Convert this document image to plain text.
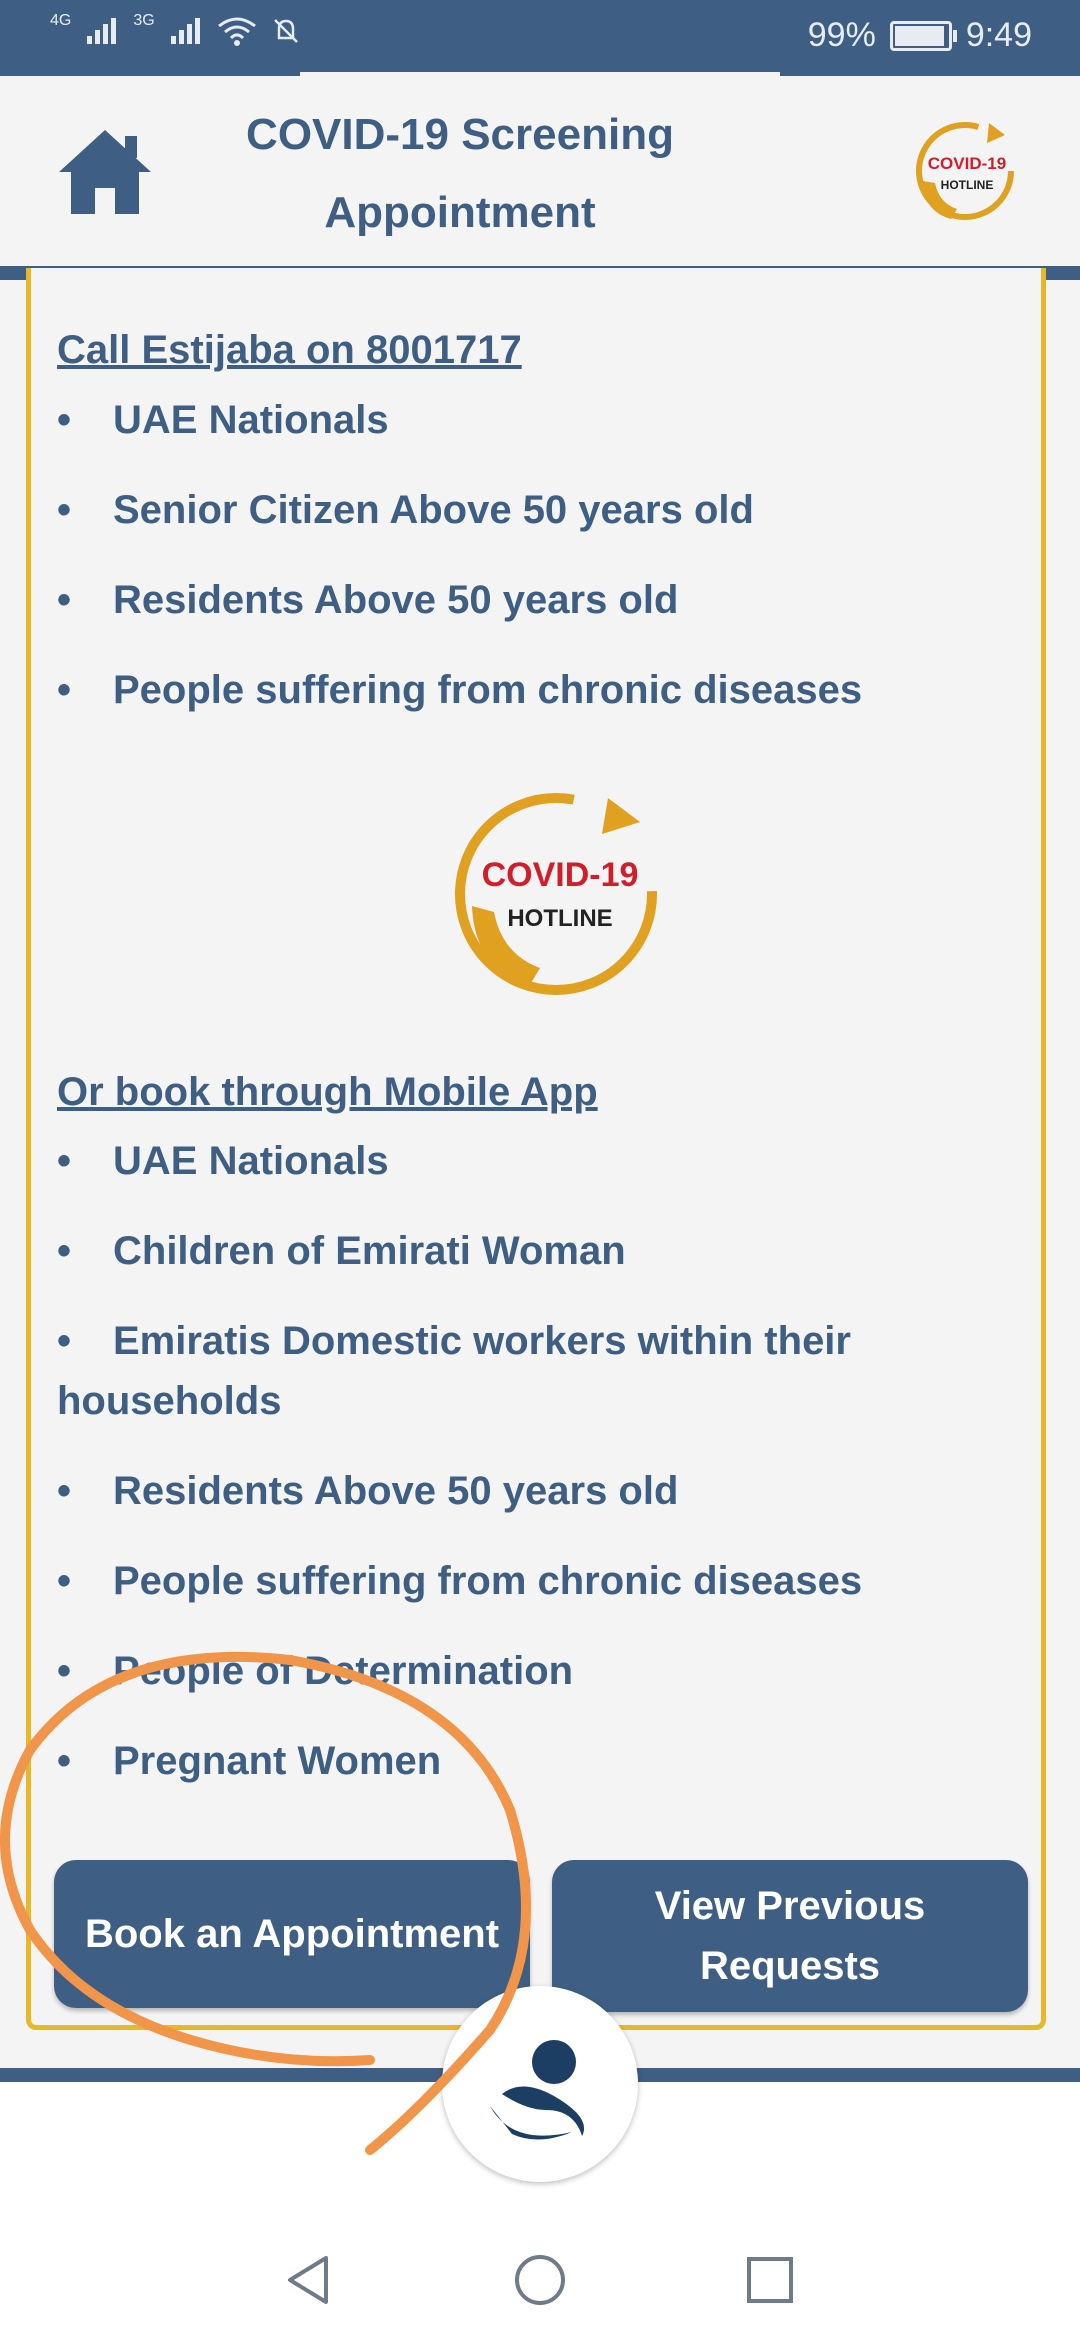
4G	3G	99%	9:49
COVID-19 Screening
Appointment
COVID-19
HOTLINE
Call Estijaba on 8001717
• UAE Nationals
• Senior Citizen Above 50 years old
• Residents Above 50 years old
• People suffering from chronic diseases
COVID-19
HOTLINE
Or book through Mobile App
• UAE Nationals
• Children of Emirati Woman
• Emiratis Domestic workers within their households
• Residents Above 50 years old
• People suffering from chronic diseases
• People of Determination
• Pregnant Women
Book an Appointment
View Previous Requests
